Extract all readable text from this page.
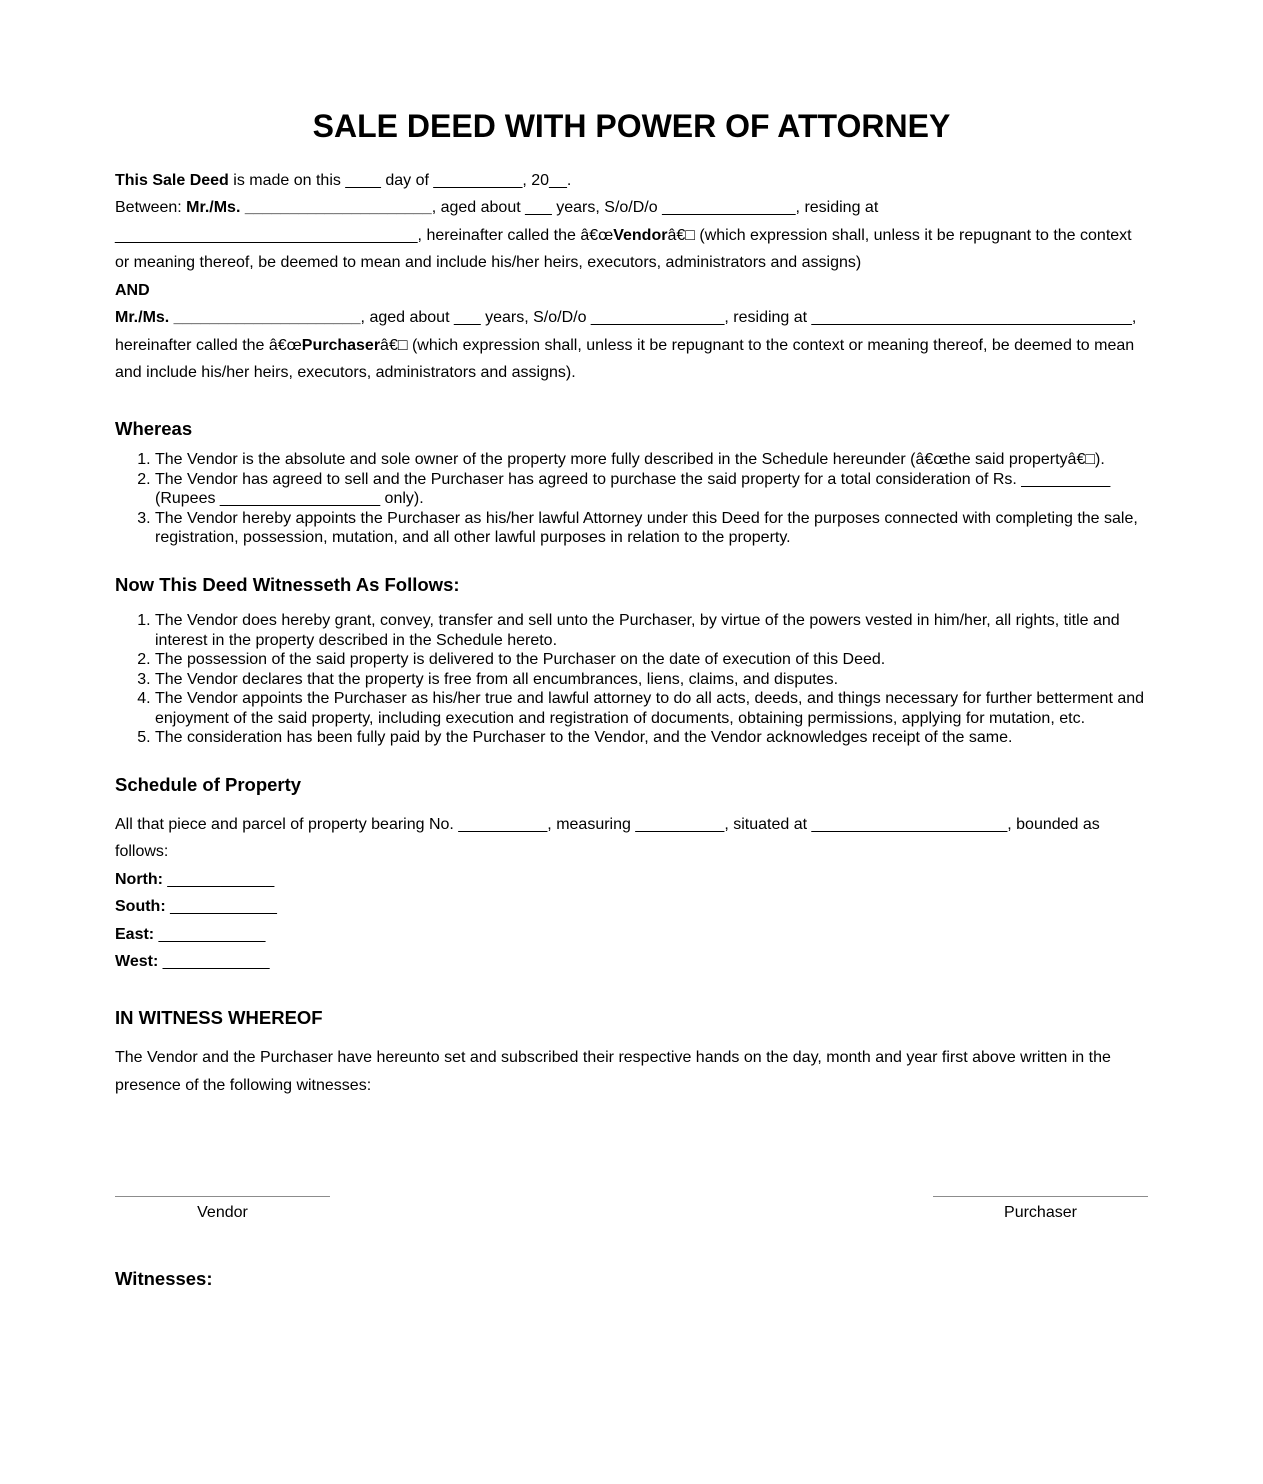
SALE DEED WITH POWER OF ATTORNEY

This Sale Deed is made on this ____ day of __________, 20__.

Between: Mr./Ms. _____________________, aged about ___ years, S/o/D/o _______________, residing at __________________________________, hereinafter called the â€œVendorâ€□ (which expression shall, unless it be repugnant to the context or meaning thereof, be deemed to mean and include his/her heirs, executors, administrators and assigns)
AND
Mr./Ms. _____________________, aged about ___ years, S/o/D/o _______________, residing at ____________________________________, hereinafter called the â€œPurchaserâ€□ (which expression shall, unless it be repugnant to the context or meaning thereof, be deemed to mean and include his/her heirs, executors, administrators and assigns).

Whereas
1. The Vendor is the absolute and sole owner of the property more fully described in the Schedule hereunder (â€œthe said propertyâ€□).
2. The Vendor has agreed to sell and the Purchaser has agreed to purchase the said property for a total consideration of Rs. __________
(Rupees __________________ only).
3. The Vendor hereby appoints the Purchaser as his/her lawful Attorney under this Deed for the purposes connected with completing the sale, registration, possession, mutation, and all other lawful purposes in relation to the property.
Now This Deed Witnesseth As Follows:
1. The Vendor does hereby grant, convey, transfer and sell unto the Purchaser, by virtue of the powers vested in him/her, all rights, title and interest in the property described in the Schedule hereto.
2. The possession of the said property is delivered to the Purchaser on the date of execution of this Deed.
3. The Vendor declares that the property is free from all encumbrances, liens, claims, and disputes.
4. The Vendor appoints the Purchaser as his/her true and lawful attorney to do all acts, deeds, and things necessary for further betterment and enjoyment of the said property, including execution and registration of documents, obtaining permissions, applying for mutation, etc.
5. The consideration has been fully paid by the Purchaser to the Vendor, and the Vendor acknowledges receipt of the same.
Schedule of Property

All that piece and parcel of property bearing No. __________, measuring __________, situated at ______________________, bounded as follows:
North: ____________
South: ____________
East: ____________
West: ____________

IN WITNESS WHEREOF

The Vendor and the Purchaser have hereunto set and subscribed their respective hands on the day, month and year first above written in the presence of the following witnesses:

Vendor	Purchaser
Witnesses:
